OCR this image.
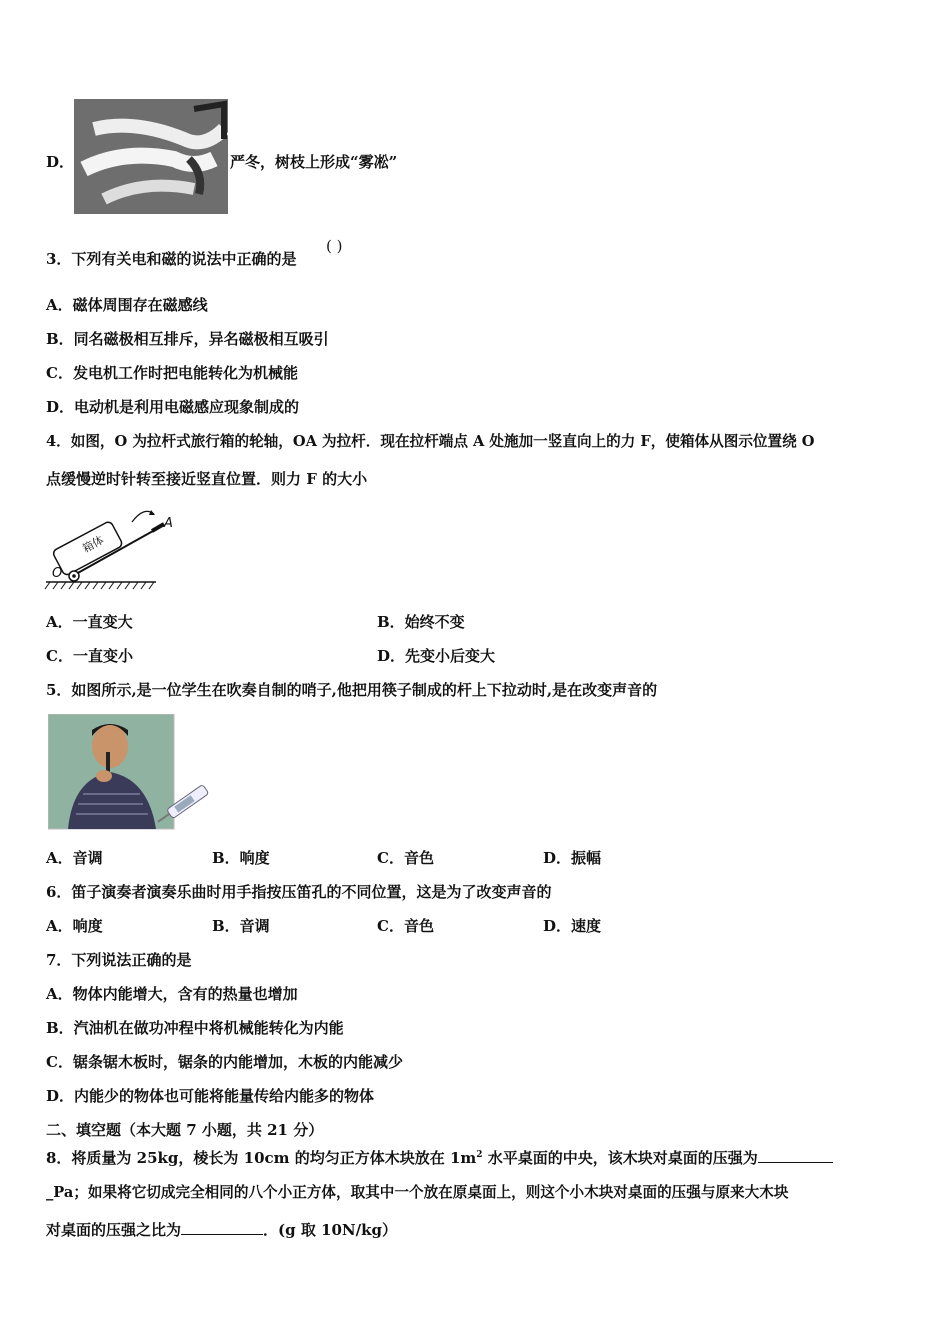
D．	严冬，树枝上形成“雾凇”
3．下列有关电和磁的说法中正确的是
( )
A．磁体周围存在磁感线
B．同名磁极相互排斥，异名磁极相互吸引
C．发电机工作时把电能转化为机械能
D．电动机是利用电磁感应现象制成的
4．如图，O 为拉杆式旅行箱的轮轴，OA 为拉杆．现在拉杆端点 A 处施加一竖直向上的力 F，使箱体从图示位置绕 O
点缓慢逆时针转至接近竖直位置．则力 F 的大小
箱体
A
O
A．一直变大	B．始终不变
C．一直变小	D．先变小后变大
5．如图所示,是一位学生在吹奏自制的哨子,他把用筷子制成的杆上下拉动时,是在改变声音的
A．音调	B．响度	C．音色	D．振幅
6．笛子演奏者演奏乐曲时用手指按压笛孔的不同位置，这是为了改变声音的
A．响度	B．音调	C．音色	D．速度
7．下列说法正确的是
A．物体内能增大，含有的热量也增加
B．汽油机在做功冲程中将机械能转化为内能
C．锯条锯木板时，锯条的内能增加，木板的内能减少
D．内能少的物体也可能将能量传给内能多的物体
二、填空题（本大题 7 小题，共 21 分）
8．将质量为 25kg，棱长为 10cm 的均匀正方体木块放在 $1m^2$ 水平桌面的中央，该木块对桌面的压强为
_Pa；如果将它切成完全相同的八个小正方体，取其中一个放在原桌面上，则这个小木块对桌面的压强与原来大木块
对桌面的压强之比为	．(g 取 10N/kg）
